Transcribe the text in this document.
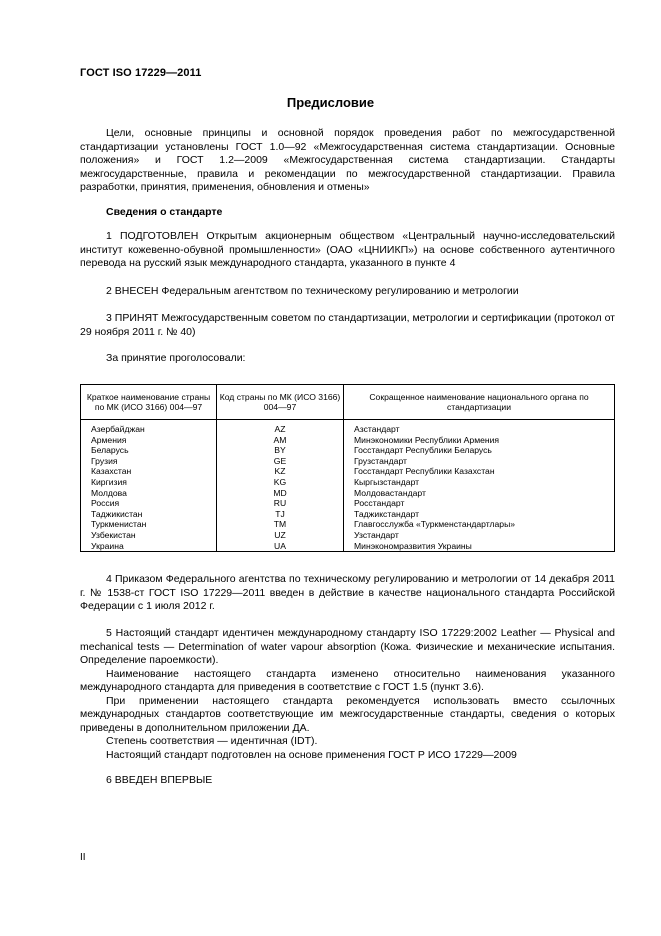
ГОСТ ISO 17229—2011
Предисловие
Цели, основные принципы и основной порядок проведения работ по межгосударственной стандартизации установлены ГОСТ 1.0—92 «Межгосударственная система стандартизации. Основные положения» и ГОСТ 1.2—2009 «Межгосударственная система стандартизации. Стандарты межгосударственные, правила и рекомендации по межгосударственной стандартизации. Правила разработки, принятия, применения, обновления и отмены»
Сведения о стандарте
1 ПОДГОТОВЛЕН Открытым акционерным обществом «Центральный научно-исследовательский институт кожевенно-обувной промышленности» (ОАО «ЦНИИКП») на основе собственного аутентичного перевода на русский язык международного стандарта, указанного в пункте 4
2 ВНЕСЕН Федеральным агентством по техническому регулированию и метрологии
3 ПРИНЯТ Межгосударственным советом по стандартизации, метрологии и сертификации (протокол от 29 ноября 2011 г. № 40)
За принятие проголосовали:
Краткое наименование страны по МК (ИСО 3166) 004—97	Код страны по МК (ИСО 3166) 004—97	Сокращенное наименование национального органа по стандартизации
Азербайджан	AZ	Азстандарт
Армения	AM	Минэкономики Республики Армения
Беларусь	BY	Госстандарт Республики Беларусь
Грузия	GE	Грузстандарт
Казахстан	KZ	Госстандарт Республики Казахстан
Киргизия	KG	Кыргызстандарт
Молдова	MD	Молдовастандарт
Россия	RU	Росстандарт
Таджикистан	TJ	Таджикстандарт
Туркменистан	TM	Главгосслужба «Туркменстандартлары»
Узбекистан	UZ	Узстандарт
Украина	UA	Минэкономразвития Украины
4 Приказом Федерального агентства по техническому регулированию и метрологии от 14 декабря 2011 г. № 1538-ст ГОСТ ISO 17229—2011 введен в действие в качестве национального стандарта Российской Федерации с 1 июля 2012 г.
5 Настоящий стандарт идентичен международному стандарту ISO 17229:2002 Leather — Physical and mechanical tests — Determination of water vapour absorption (Кожа. Физические и механические испытания. Определение пароемкости).
Наименование настоящего стандарта изменено относительно наименования указанного международного стандарта для приведения в соответствие с ГОСТ 1.5 (пункт 3.6).
При применении настоящего стандарта рекомендуется использовать вместо ссылочных международных стандартов соответствующие им межгосударственные стандарты, сведения о которых приведены в дополнительном приложении ДА.
Степень соответствия — идентичная (IDT).
Настоящий стандарт подготовлен на основе применения ГОСТ Р ИСО 17229—2009
6 ВВЕДЕН ВПЕРВЫЕ
II
